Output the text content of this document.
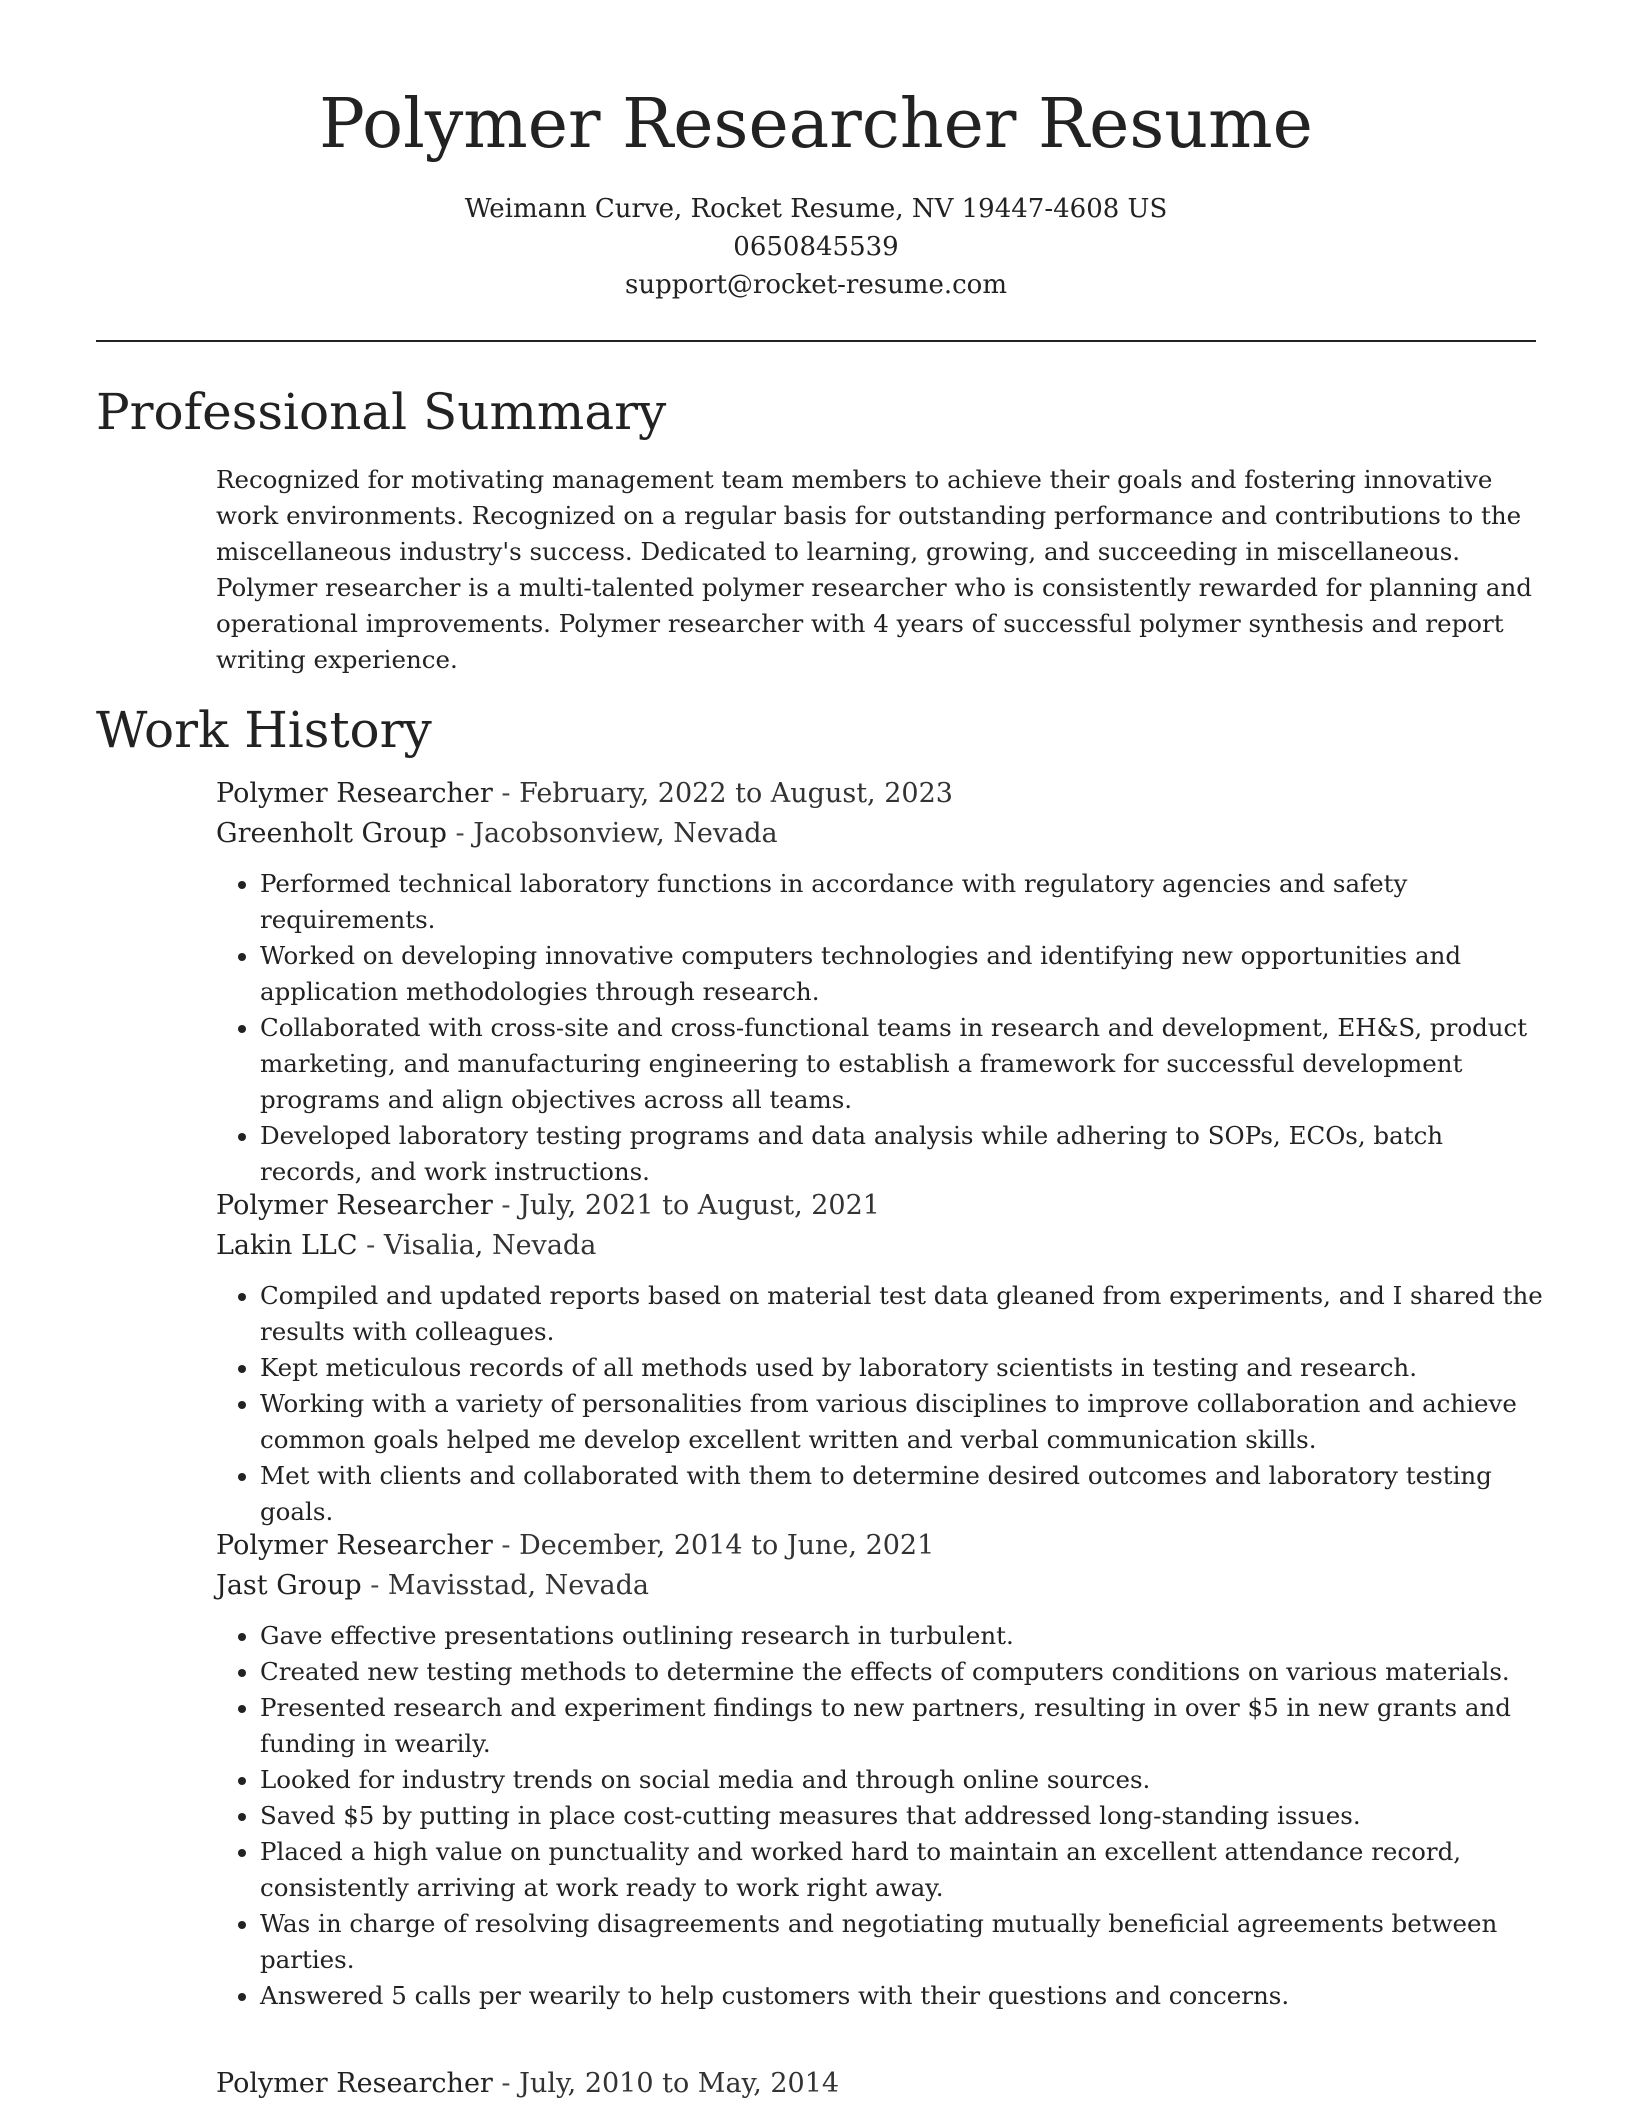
Polymer Researcher Resume
Weimann Curve, Rocket Resume, NV 19447-4608 US
0650845539
support@rocket-resume.com
Professional Summary

Recognized for motivating management team members to achieve their goals and fostering innovative work environments. Recognized on a regular basis for outstanding performance and contributions to the miscellaneous industry's success. Dedicated to learning, growing, and succeeding in miscellaneous. Polymer researcher is a multi-talented polymer researcher who is consistently rewarded for planning and operational improvements. Polymer researcher with 4 years of successful polymer synthesis and report writing experience.

Work History
Polymer Researcher - February, 2022 to August, 2023
Greenholt Group - Jacobsonview, Nevada
• Performed technical laboratory functions in accordance with regulatory agencies and safety requirements.
• Worked on developing innovative computers technologies and identifying new opportunities and application methodologies through research.
• Collaborated with cross-site and cross-functional teams in research and development, EH&S, product marketing, and manufacturing engineering to establish a framework for successful development programs and align objectives across all teams.
• Developed laboratory testing programs and data analysis while adhering to SOPs, ECOs, batch records, and work instructions.
Polymer Researcher - July, 2021 to August, 2021
Lakin LLC - Visalia, Nevada
• Compiled and updated reports based on material test data gleaned from experiments, and I shared the results with colleagues.
• Kept meticulous records of all methods used by laboratory scientists in testing and research.
• Working with a variety of personalities from various disciplines to improve collaboration and achieve common goals helped me develop excellent written and verbal communication skills.
• Met with clients and collaborated with them to determine desired outcomes and laboratory testing goals.
Polymer Researcher - December, 2014 to June, 2021
Jast Group - Mavisstad, Nevada
• Gave effective presentations outlining research in turbulent.
• Created new testing methods to determine the effects of computers conditions on various materials.
• Presented research and experiment findings to new partners, resulting in over $5 in new grants and funding in wearily.
• Looked for industry trends on social media and through online sources.
• Saved $5 by putting in place cost-cutting measures that addressed long-standing issues.
• Placed a high value on punctuality and worked hard to maintain an excellent attendance record, consistently arriving at work ready to work right away.
• Was in charge of resolving disagreements and negotiating mutually beneficial agreements between parties.
• Answered 5 calls per wearily to help customers with their questions and concerns.
Polymer Researcher - July, 2010 to May, 2014
